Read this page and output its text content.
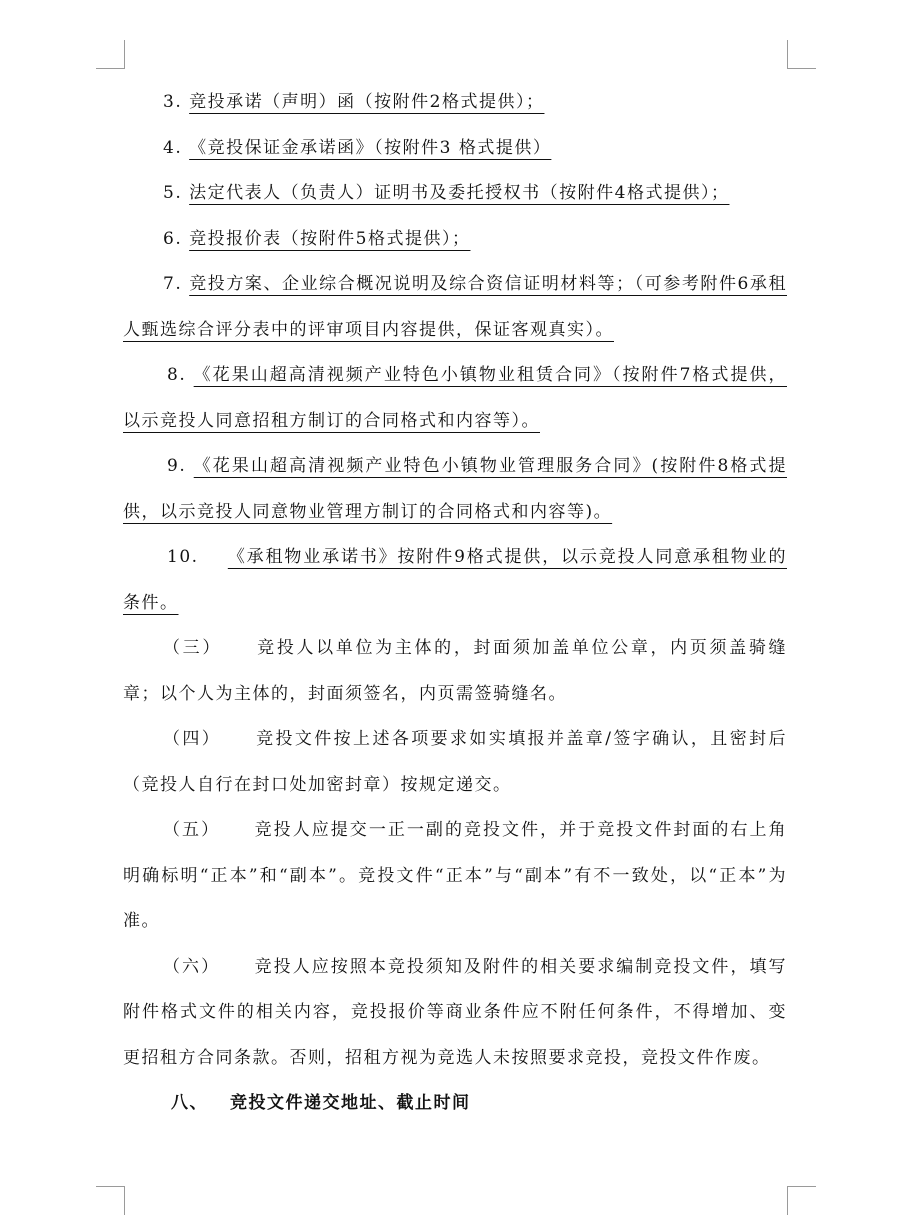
3. 竞投承诺（声明）函（按附件2格式提供）；

4. 《竞投保证金承诺函》（按附件3 格式提供）

5. 法定代表人（负责人）证明书及委托授权书（按附件4格式提供）；

6. 竞投报价表（按附件5格式提供）；

7. 竞投方案、企业综合概况说明及综合资信证明材料等；（可参考附件6承租人甄选综合评分表中的评审项目内容提供，保证客观真实）。

8. 《花果山超高清视频产业特色小镇物业租赁合同》（按附件7格式提供，以示竞投人同意招租方制订的合同格式和内容等）。

9. 《花果山超高清视频产业特色小镇物业管理服务合同》(按附件8格式提供，以示竞投人同意物业管理方制订的合同格式和内容等)。

10. 《承租物业承诺书》按附件9格式提供，以示竞投人同意承租物业的条件。

（三） 竞投人以单位为主体的，封面须加盖单位公章，内页须盖骑缝章；以个人为主体的，封面须签名，内页需签骑缝名。

（四） 竞投文件按上述各项要求如实填报并盖章/签字确认，且密封后（竞投人自行在封口处加密封章）按规定递交。

（五） 竞投人应提交一正一副的竞投文件，并于竞投文件封面的右上角明确标明“正本”和“副本”。竞投文件“正本”与“副本”有不一致处，以“正本”为准。

（六） 竞投人应按照本竞投须知及附件的相关要求编制竞投文件，填写附件格式文件的相关内容，竞投报价等商业条件应不附任何条件，不得增加、变更招租方合同条款。否则，招租方视为竞选人未按照要求竞投，竞投文件作废。

八、 竞投文件递交地址、截止时间
